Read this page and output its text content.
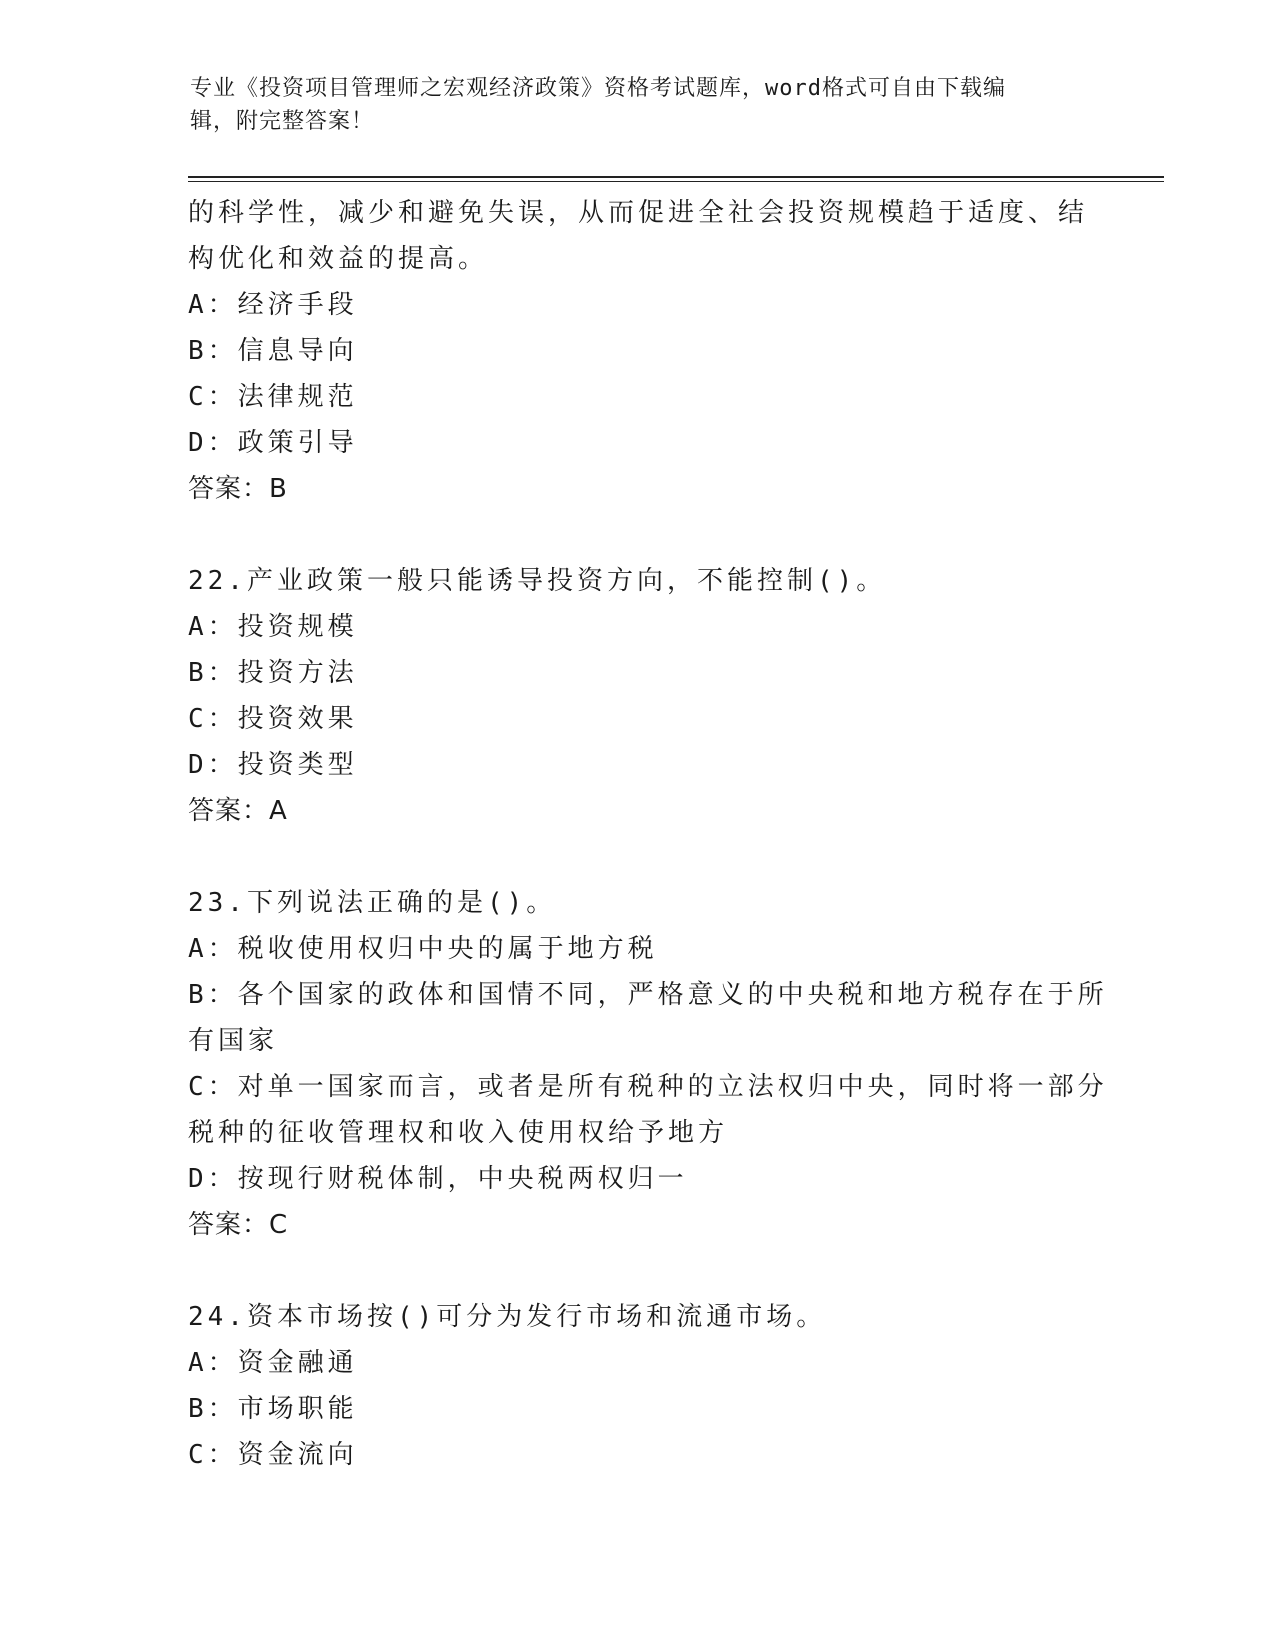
专业《投资项目管理师之宏观经济政策》资格考试题库，word格式可自由下载编
辑，附完整答案！
的科学性，减少和避免失误，从而促进全社会投资规模趋于适度、结
构优化和效益的提高。
A：经济手段
B：信息导向
C：法律规范
D：政策引导
答案：B
22.产业政策一般只能诱导投资方向，不能控制()。
A：投资规模
B：投资方法
C：投资效果
D：投资类型
答案：A
23.下列说法正确的是()。
A：税收使用权归中央的属于地方税
B：各个国家的政体和国情不同，严格意义的中央税和地方税存在于所
有国家
C：对单一国家而言，或者是所有税种的立法权归中央，同时将一部分
税种的征收管理权和收入使用权给予地方
D：按现行财税体制，中央税两权归一
答案：C
24.资本市场按()可分为发行市场和流通市场。
A：资金融通
B：市场职能
C：资金流向
